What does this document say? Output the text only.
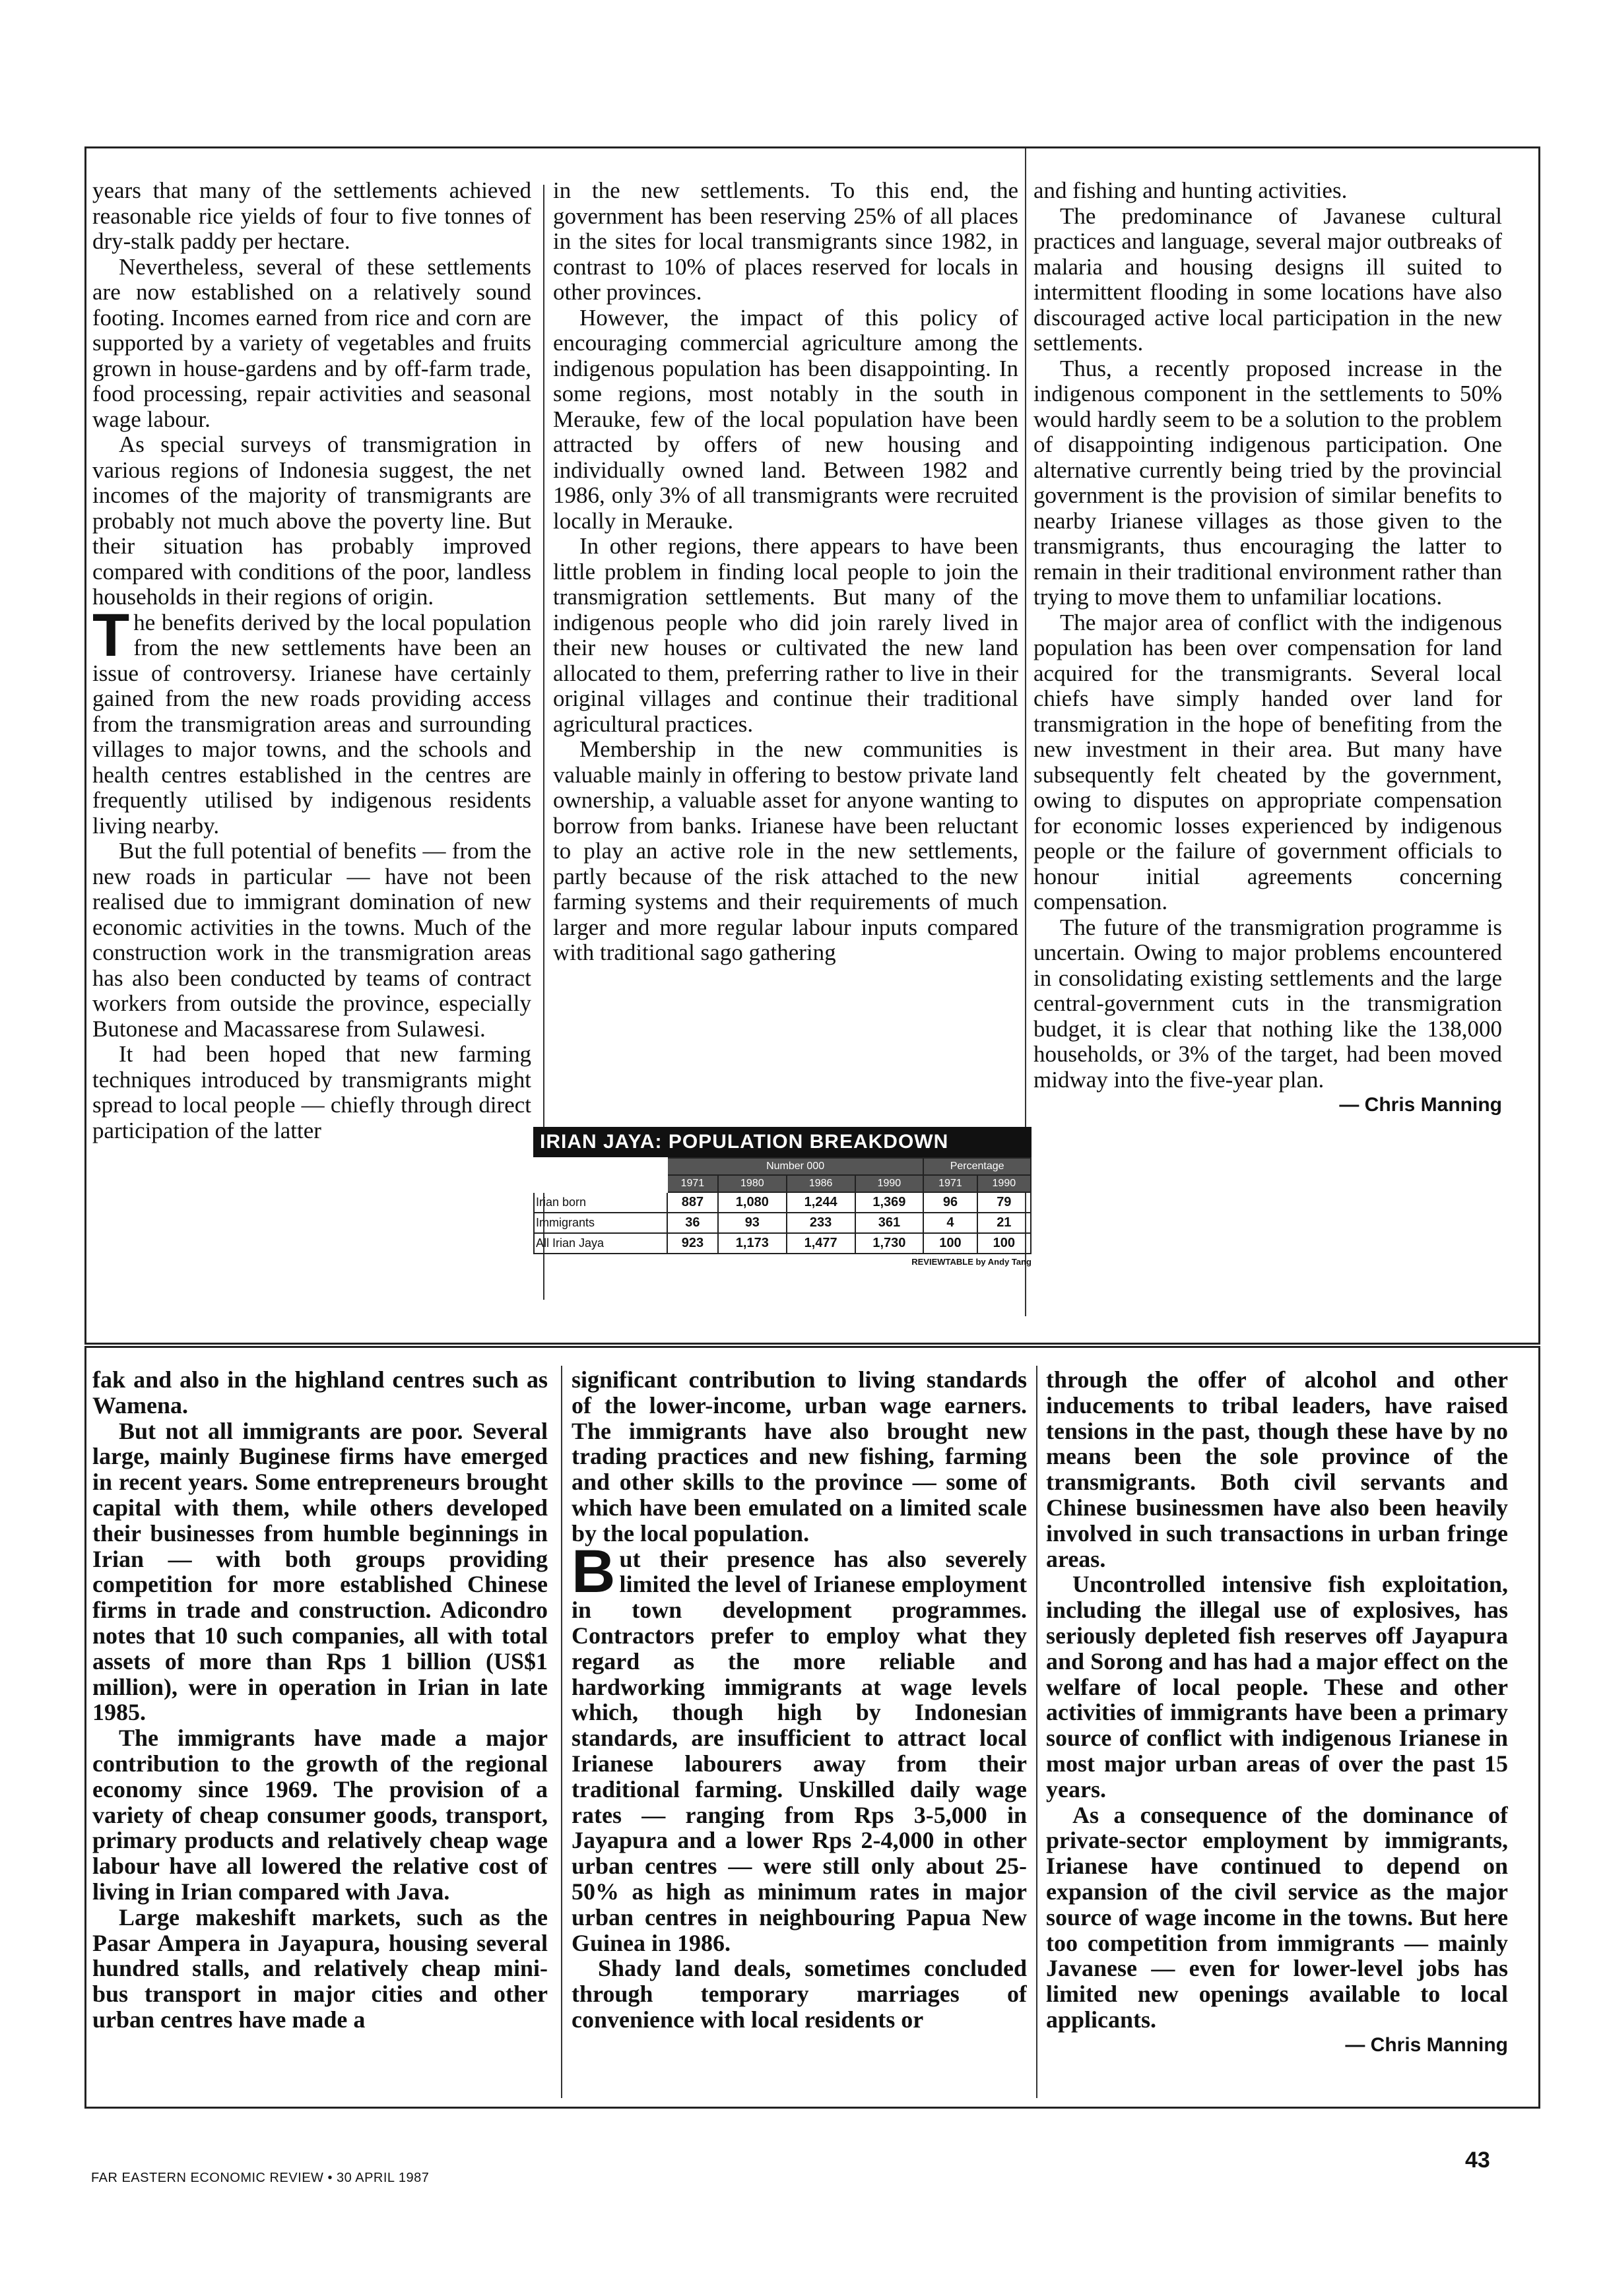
years that many of the settlements achieved reasonable rice yields of four to five tonnes of dry-stalk paddy per hectare.

Nevertheless, several of these settlements are now established on a relatively sound footing. Incomes earned from rice and corn are supported by a variety of vegetables and fruits grown in house-gardens and by off-farm trade, food processing, repair activities and seasonal wage labour.

As special surveys of transmigration in various regions of Indonesia suggest, the net incomes of the majority of transmigrants are probably not much above the poverty line. But their situation has probably improved compared with conditions of the poor, landless households in their regions of origin.

The benefits derived by the local population from the new settlements have been an issue of controversy. Irianese have certainly gained from the new roads providing access from the transmigration areas and surrounding villages to major towns, and the schools and health centres established in the centres are frequently utilised by indigenous residents living nearby.

But the full potential of benefits — from the new roads in particular — have not been realised due to immigrant domination of new economic activities in the towns. Much of the construction work in the transmigration areas has also been conducted by teams of contract workers from outside the province, especially Butonese and Macassarese from Sulawesi.

It had been hoped that new farming techniques introduced by transmigrants might spread to local people — chiefly through direct participation of the latter

in the new settlements. To this end, the government has been reserving 25% of all places in the sites for local transmigrants since 1982, in contrast to 10% of places reserved for locals in other provinces.

However, the impact of this policy of encouraging commercial agriculture among the indigenous population has been disappointing. In some regions, most notably in the south in Merauke, few of the local population have been attracted by offers of new housing and individually owned land. Between 1982 and 1986, only 3% of all transmigrants were recruited locally in Merauke.

In other regions, there appears to have been little problem in finding local people to join the transmigration settlements. But many of the indigenous people who did join rarely lived in their new houses or cultivated the new land allocated to them, preferring rather to live in their original villages and continue their traditional agricultural practices.

Membership in the new communities is valuable mainly in offering to bestow private land ownership, a valuable asset for anyone wanting to borrow from banks. Irianese have been reluctant to play an active role in the new settlements, partly because of the risk attached to the new farming systems and their requirements of much larger and more regular labour inputs compared with traditional sago gathering

and fishing and hunting activities.

The predominance of Javanese cultural practices and language, several major outbreaks of malaria and housing designs ill suited to intermittent flooding in some locations have also discouraged active local participation in the new settlements.

Thus, a recently proposed increase in the indigenous component in the settlements to 50% would hardly seem to be a solution to the problem of disappointing indigenous participation. One alternative currently being tried by the provincial government is the provision of similar benefits to nearby Irianese villages as those given to the transmigrants, thus encouraging the latter to remain in their traditional environment rather than trying to move them to unfamiliar locations.

The major area of conflict with the indigenous population has been over compensation for land acquired for the transmigrants. Several local chiefs have simply handed over land for transmigration in the hope of benefiting from the new investment in their area. But many have subsequently felt cheated by the government, owing to disputes on appropriate compensation for economic losses experienced by indigenous people or the failure of government officials to honour initial agreements concerning compensation.

The future of the transmigration programme is uncertain. Owing to major problems encountered in consolidating existing settlements and the large central-government cuts in the transmigration budget, it is clear that nothing like the 138,000 households, or 3% of the target, had been moved midway into the five-year plan.

— Chris Manning

IRIAN JAYA: POPULATION BREAKDOWN
	Number 000				Percentage	
	1971	1980	1986	1990	1971	1990
Irian born	887	1,080	1,244	1,369	96	79
Immigrants	36	93	233	361	4	21
All Irian Jaya	923	1,173	1,477	1,730	100	100
REVIEWTABLE by Andy Tang

fak and also in the highland centres such as Wamena.

But not all immigrants are poor. Several large, mainly Buginese firms have emerged in recent years. Some entrepreneurs brought capital with them, while others developed their businesses from humble beginnings in Irian — with both groups providing competition for more established Chinese firms in trade and construction. Adicondro notes that 10 such companies, all with total assets of more than Rps 1 billion (US$1 million), were in operation in Irian in late 1985.

The immigrants have made a major contribution to the growth of the regional economy since 1969. The provision of a variety of cheap consumer goods, transport, primary products and relatively cheap wage labour have all lowered the relative cost of living in Irian compared with Java.

Large makeshift markets, such as the Pasar Ampera in Jayapura, housing several hundred stalls, and relatively cheap mini-bus transport in major cities and other urban centres have made a

significant contribution to living standards of the lower-income, urban wage earners. The immigrants have also brought new trading practices and new fishing, farming and other skills to the province — some of which have been emulated on a limited scale by the local population.

But their presence has also severely limited the level of Irianese employment in town development programmes. Contractors prefer to employ what they regard as the more reliable and hardworking immigrants at wage levels which, though high by Indonesian standards, are insufficient to attract local Irianese labourers away from their traditional farming. Unskilled daily wage rates — ranging from Rps 3-5,000 in Jayapura and a lower Rps 2-4,000 in other urban centres — were still only about 25-50% as high as minimum rates in major urban centres in neighbouring Papua New Guinea in 1986.

Shady land deals, sometimes concluded through temporary marriages of convenience with local residents or

through the offer of alcohol and other inducements to tribal leaders, have raised tensions in the past, though these have by no means been the sole province of the transmigrants. Both civil servants and Chinese businessmen have also been heavily involved in such transactions in urban fringe areas.

Uncontrolled intensive fish exploitation, including the illegal use of explosives, has seriously depleted fish reserves off Jayapura and Sorong and has had a major effect on the welfare of local people. These and other activities of immigrants have been a primary source of conflict with indigenous Irianese in most major urban areas of over the past 15 years.

As a consequence of the dominance of private-sector employment by immigrants, Irianese have continued to depend on expansion of the civil service as the major source of wage income in the towns. But here too competition from immigrants — mainly Javanese — even for lower-level jobs has limited new openings available to local applicants.

— Chris Manning

FAR EASTERN ECONOMIC REVIEW • 30 APRIL 1987
43
